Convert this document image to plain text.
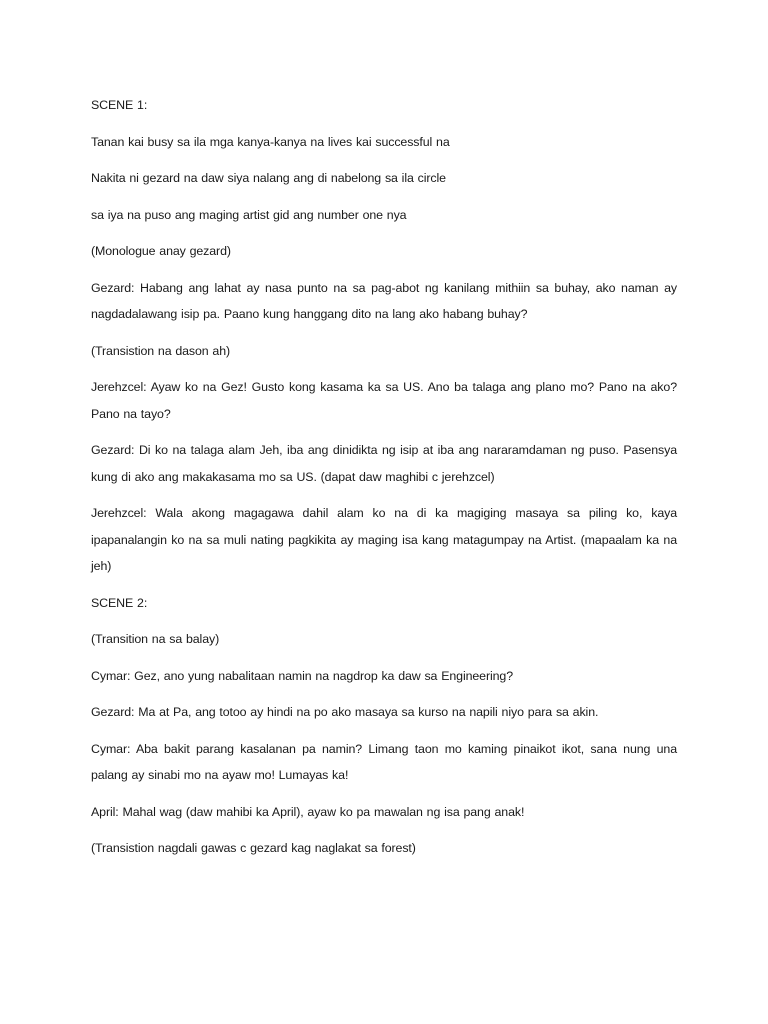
SCENE 1:

Tanan kai busy sa ila mga kanya-kanya na lives kai successful na

Nakita ni gezard na daw siya nalang ang di nabelong sa ila circle

sa iya na puso ang maging artist gid ang number one nya

(Monologue anay gezard)

Gezard: Habang ang lahat ay nasa punto na sa pag-abot ng kanilang mithiin sa buhay, ako naman ay nagdadalawang isip pa. Paano kung hanggang dito na lang ako habang buhay?

(Transistion na dason ah)

Jerehzcel: Ayaw ko na Gez! Gusto kong kasama ka sa US. Ano ba talaga ang plano mo? Pano na ako? Pano na tayo?

Gezard: Di ko na talaga alam Jeh, iba ang dinidikta ng isip at iba ang nararamdaman ng puso. Pasensya kung di ako ang makakasama mo sa US. (dapat daw maghibi c jerehzcel)

Jerehzcel: Wala akong magagawa dahil alam ko na di ka magiging masaya sa piling ko, kaya ipapanalangin ko na sa muli nating pagkikita ay maging isa kang matagumpay na Artist. (mapaalam ka na jeh)

SCENE 2:

(Transition na sa balay)

Cymar: Gez, ano yung nabalitaan namin na nagdrop ka daw sa Engineering?

Gezard: Ma at Pa, ang totoo ay hindi na po ako masaya sa kurso na napili niyo para sa akin.

Cymar: Aba bakit parang kasalanan pa namin? Limang taon mo kaming pinaikot ikot, sana nung una palang ay sinabi mo na ayaw mo! Lumayas ka!

April: Mahal wag (daw mahibi ka April), ayaw ko pa mawalan ng isa pang anak!

(Transistion nagdali gawas c gezard kag naglakat sa forest)
